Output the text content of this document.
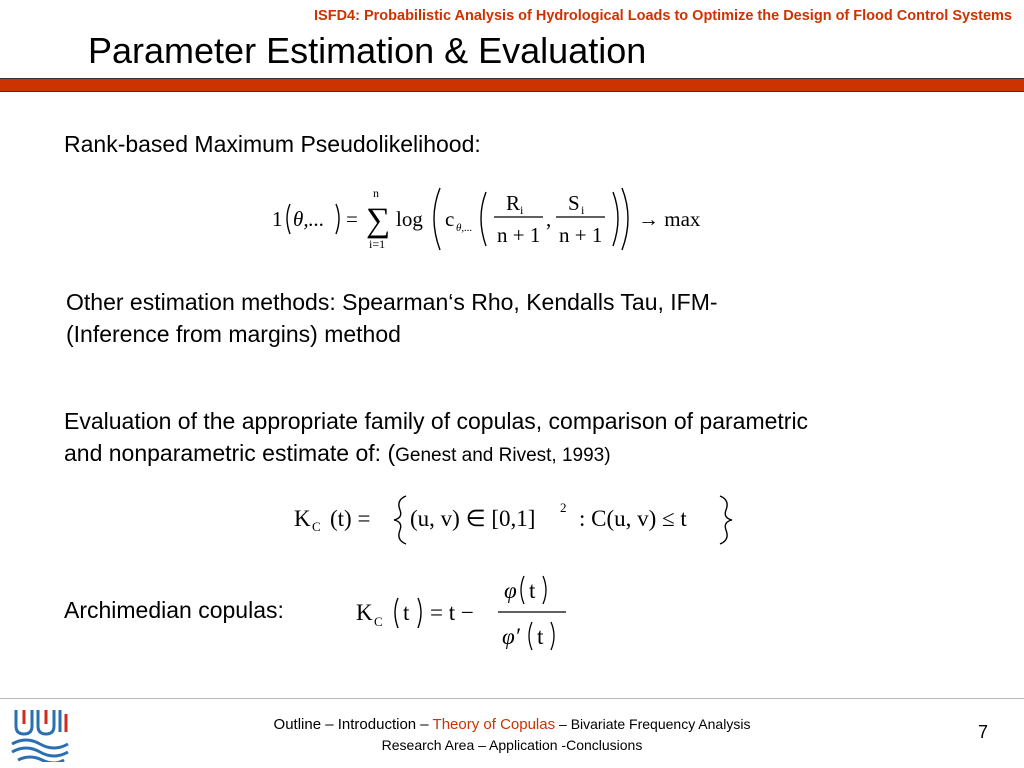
ISFD4: Probabilistic Analysis of Hydrological Loads to Optimize the Design of Flood Control Systems
Parameter Estimation & Evaluation
Rank-based Maximum Pseudolikelihood:
1 θ,... =
n
∑
i=1
log c θ,...
R i
n + 1
,
S i
n + 1
→ max
Other estimation methods: Spearman‘s Rho, Kendalls Tau, IFM-
(Inference from margins) method
Evaluation of the appropriate family of copulas, comparison of parametric
and nonparametric estimate of: (Genest and Rivest, 1993)
K C (t) = (u, v) ∈ [0,1] 2 : C(u, v) ≤ t
Archimedian copulas:	K C t = t −
φ t
φ′ t
Outline – Introduction – Theory of Copulas – Bivariate Frequency Analysis
Research Area – Application -Conclusions
7
